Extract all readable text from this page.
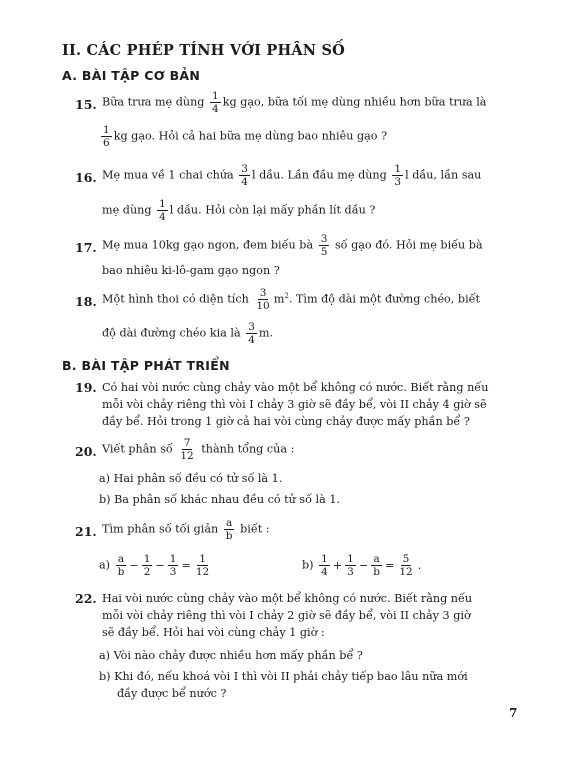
II. CÁC PHÉP TÍNH VỚI PHÂN SỐ
A. BÀI TẬP CƠ BẢN
15. Bữa trưa mẹ dùng $\frac{1}{4}$ kg gạo, bữa tối mẹ dùng nhiều hơn bữa trưa là
$\frac{1}{6}$ kg gạo. Hỏi cả hai bữa mẹ dùng bao nhiêu gạo ?
16. Mẹ mua về 1 chai chứa $\frac{3}{4}$ l dầu. Lần đầu mẹ dùng $\frac{1}{3}$ l dầu, lần sau
mẹ dùng $\frac{1}{4}$ l dầu. Hỏi còn lại mấy phần lít dầu ?
17. Mẹ mua 10kg gạo ngon, đem biếu bà $\frac{3}{5}$ số gạo đó. Hỏi mẹ biếu bà
bao nhiêu ki-lô-gam gạo ngon ?
18. Một hình thoi có diện tích $\frac{3}{10} m^2$. Tìm độ dài một đường chéo, biết
độ dài đường chéo kia là $\frac{3}{4} m$.
B. BÀI TẬP PHÁT TRIỂN
19. Có hai vòi nước cùng chảy vào một bể không có nước. Biết rằng nếu
mỗi vòi chảy riêng thì vòi I chảy 3 giờ sẽ đầy bể, vòi II chảy 4 giờ sẽ
đầy bể. Hỏi trong 1 giờ cả hai vòi cùng chảy được mấy phần bể ?
20. Viết phân số $\frac{7}{12}$ thành tổng của :
a) Hai phân số đều có tử số là 1.
b) Ba phân số khác nhau đều có tử số là 1.
21. Tìm phân số tối giản $\frac{a}{b}$ biết :
$a) \frac{a}{b} - \frac{1}{2} - \frac{1}{3} = \frac{1}{12}$	$b) \frac{1}{4} + \frac{1}{3} - \frac{a}{b} = \frac{5}{12}$ .
22. Hai vòi nước cùng chảy vào một bể không có nước. Biết rằng nếu
mỗi vòi chảy riêng thì vòi I chảy 2 giờ sẽ đầy bể, vòi II chảy 3 giờ
sẽ đầy bể. Hỏi hai vòi cùng chảy 1 giờ :
a) Vòi nào chảy được nhiều hơn mấy phần bể ?
b) Khi đó, nếu khoá vòi I thì vòi II phải chảy tiếp bao lâu nữa mới
đầy được bể nước ?
7
